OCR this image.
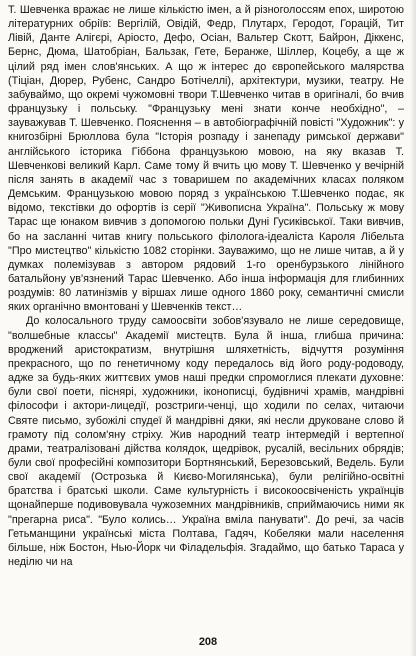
Т. Шевченка вражає не лише кількістю імен, а й різноголоссям епох, широтою літературних обріїв: Вергілій, Овідій, Федр, Плутарх, Геродот, Горацій, Тит Лівій, Данте Алігєрі, Аріосто, Дефо, Осіан, Вальтер Скотт, Байрон, Діккенс, Бернс, Дюма, Шатобріан, Бальзак, Гете, Беранже, Шіллер, Коцебу, а ще ж цілий ряд імен слов'янських. А що ж інтерес до європейського малярства (Тіціан, Дюрер, Рубенс, Сандро Ботічеллі), архітектури, музики, театру. Не забуваймо, що окремі чужомовні твори Т.Шевченко читав в оригіналі, бо вчив французьку і польську. "Французьку мені знати конче необхідно", – зауважував Т. Шевченко. Пояснення – в автобіографічній повісті "Художник": у книгозбірні Брюллова була "Історія розпаду і занепаду римської держави" англійського історика Гіббона французькою мовою, на яку вказав Т. Шевченкові великий Карл. Саме тому й вчить цю мову Т. Шевченко у вечірній після занять в академії час з товаришем по академічних класах поляком Демським. Французькою мовою поряд з українською Т.Шевченко подає, як відомо, текстівки до офортів із серії "Живописна Україна". Польську ж мову Тарас ще юнаком вивчив з допомогою польки Дуні Гусиківської. Таки вивчив, бо на засланні читав книгу польського філолога-ідеаліста Кароля Лібельта "Про мистецтво" кількістю 1082 сторінки. Зауважимо, що не лише читав, а й у думках полемізував з автором рядовий 1-го оренбурзького лінійного батальйону ув'язнений Тарас Шевченко. Або інша інформація для глибинних роздумів: 80 латинізмів у віршах лише одного 1860 року, семантичні смисли яких органічно вмонтовані у Шевченків текст…

До колосального труду самоосвіти зобов'язувало не лише середовище, "волшебные классы" Академії мистецтв. Була й інша, глибша причина: вроджений аристократизм, внутрішня шляхетність, відчуття розуміння прекрасного, що по генетичному коду передалось від його роду-родоводу, адже за будь-яких життєвих умов наші предки спромоглися плекати духовне: були свої поети, піснярі, художники, іконописці, будівничі храмів, мандрівні філософи і актори-лицедії, розстриги-ченці, що ходили по селах, читаючи Святе письмо, зубожілі спудеї й мандрівні дяки, які несли друковане слово й грамоту під солом'яну стріху. Жив народний театр інтермедій і вертепної драми, театралізовані дійства колядок, щедрівок, русалій, весільних обрядів; були свої професійні композитори Бортнянський, Березовський, Ведель. Були свої академії (Острозька й Києво-Могилянська), були релігійно-освітні братства і братські школи. Саме культурність і високоосвіченість українців щонайперше подивовувала чужоземних мандрівників, сприймаючись ними як "прегарна риса". "Було колись… Україна вміла панувати". До речі, за часів Гетьманщини українські міста Полтава, Гадяч, Кобеляки мали населення більше, ніж Бостон, Нью-Йорк чи Філадельфія. Згадаймо, що батько Тараса у неділю чи на

208
